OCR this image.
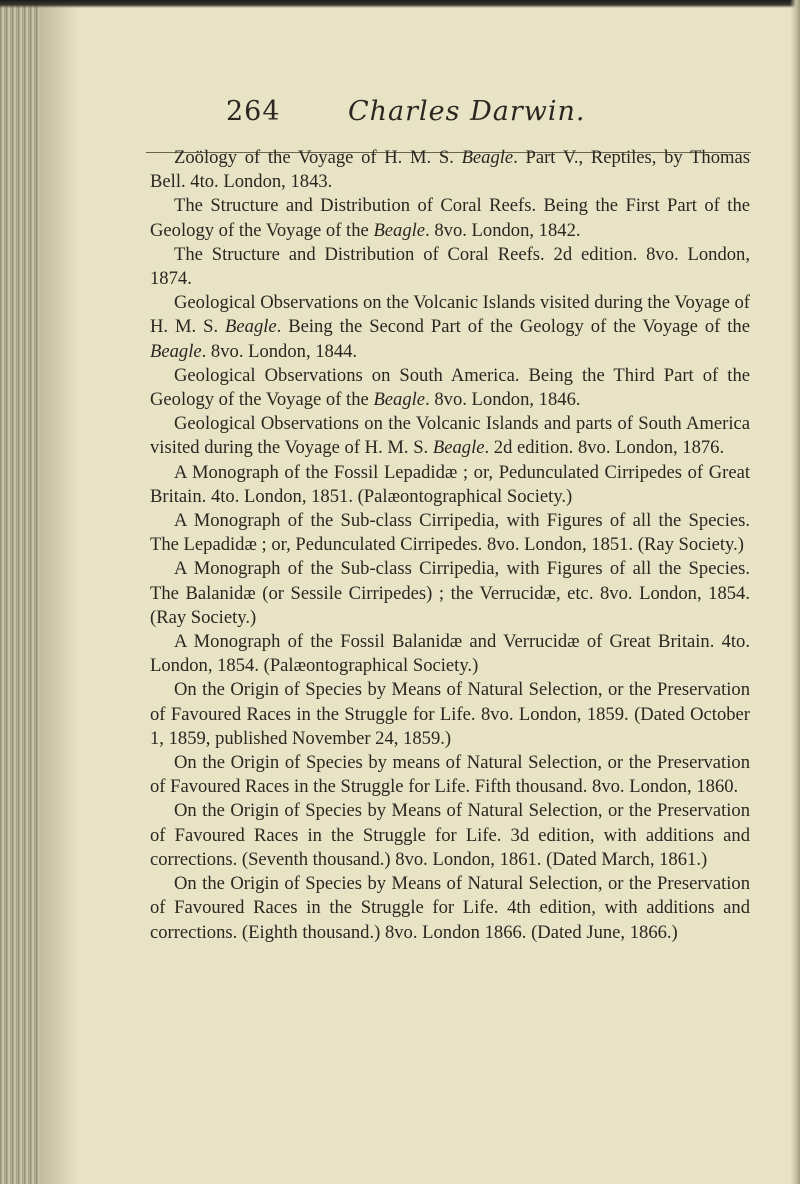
264 Charles Darwin.

Zoölogy of the Voyage of H. M. S. Beagle. Part V., Reptiles, by Thomas Bell. 4to. London, 1843.

The Structure and Distribution of Coral Reefs. Being the First Part of the Geology of the Voyage of the Beagle. 8vo. London, 1842.

The Structure and Distribution of Coral Reefs. 2d edition. 8vo. London, 1874.

Geological Observations on the Volcanic Islands visited during the Voyage of H. M. S. Beagle. Being the Second Part of the Geology of the Voyage of the Beagle. 8vo. London, 1844.

Geological Observations on South America. Being the Third Part of the Geology of the Voyage of the Beagle. 8vo. London, 1846.

Geological Observations on the Volcanic Islands and parts of South America visited during the Voyage of H. M. S. Beagle. 2d edition. 8vo. London, 1876.

A Monograph of the Fossil Lepadidæ ; or, Pedunculated Cirripedes of Great Britain. 4to. London, 1851. (Palæontographical Society.)

A Monograph of the Sub-class Cirripedia, with Figures of all the Species. The Lepadidæ ; or, Pedunculated Cirripedes. 8vo. London, 1851. (Ray Society.)

A Monograph of the Sub-class Cirripedia, with Figures of all the Species. The Balanidæ (or Sessile Cirripedes) ; the Verrucidæ, etc. 8vo. London, 1854. (Ray Society.)

A Monograph of the Fossil Balanidæ and Verrucidæ of Great Britain. 4to. London, 1854. (Palæontographical Society.)

On the Origin of Species by Means of Natural Selection, or the Preservation of Favoured Races in the Struggle for Life. 8vo. London, 1859. (Dated October 1, 1859, published November 24, 1859.)

On the Origin of Species by means of Natural Selection, or the Preservation of Favoured Races in the Struggle for Life. Fifth thousand. 8vo. London, 1860.

On the Origin of Species by Means of Natural Selection, or the Preservation of Favoured Races in the Struggle for Life. 3d edition, with additions and corrections. (Seventh thousand.) 8vo. London, 1861. (Dated March, 1861.)

On the Origin of Species by Means of Natural Selection, or the Preservation of Favoured Races in the Struggle for Life. 4th edition, with additions and corrections. (Eighth thousand.) 8vo. London 1866. (Dated June, 1866.)
